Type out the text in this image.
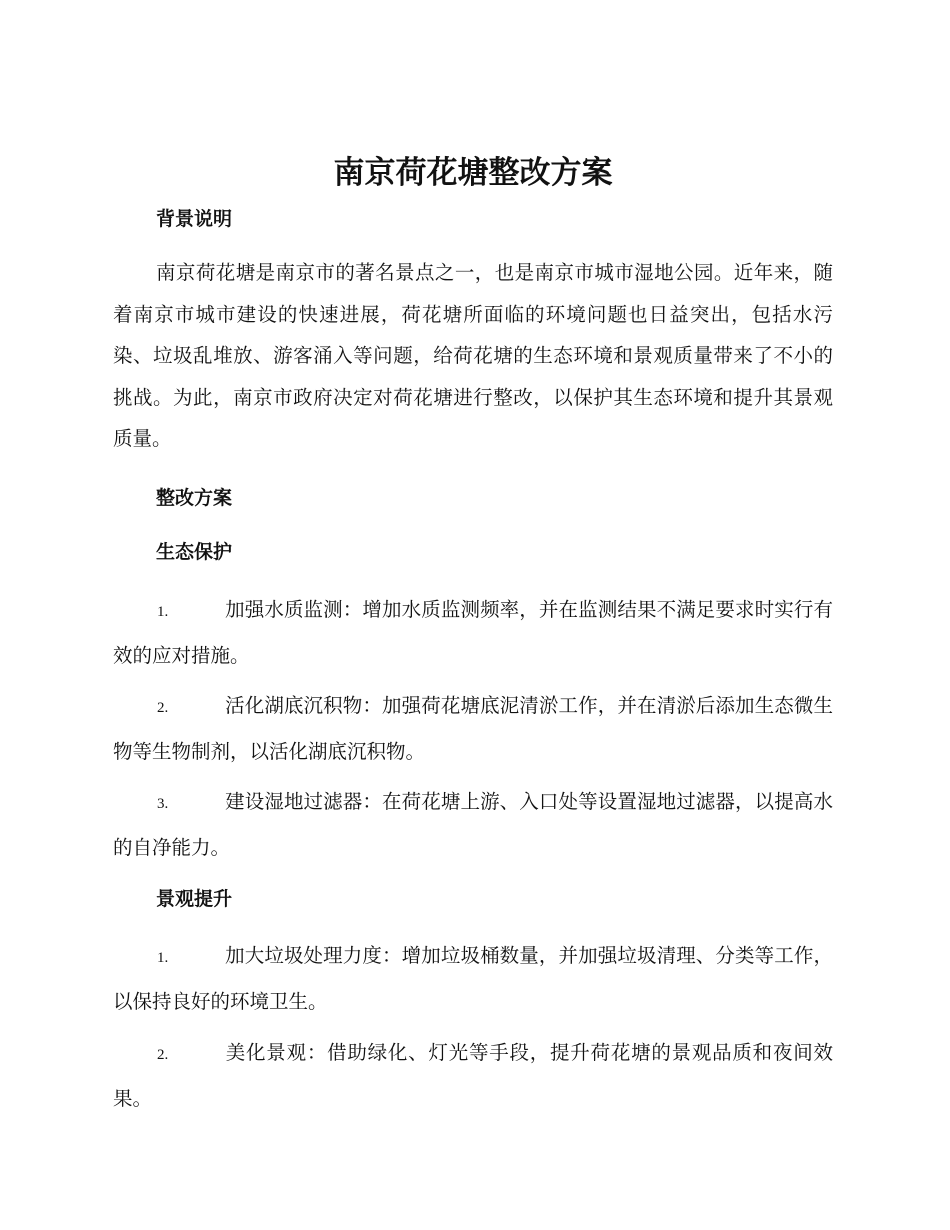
南京荷花塘整改方案
背景说明

南京荷花塘是南京市的著名景点之一，也是南京市城市湿地公园。近年来，随着南京市城市建设的快速进展，荷花塘所面临的环境问题也日益突出，包括水污染、垃圾乱堆放、游客涌入等问题，给荷花塘的生态环境和景观质量带来了不小的挑战。为此，南京市政府决定对荷花塘进行整改，以保护其生态环境和提升其景观质量。

整改方案
生态保护

1.	加强水质监测：增加水质监测频率，并在监测结果不满足要求时实行有效的应对措施。

2.	活化湖底沉积物：加强荷花塘底泥清淤工作，并在清淤后添加生态微生物等生物制剂，以活化湖底沉积物。

3.	建设湿地过滤器：在荷花塘上游、入口处等设置湿地过滤器，以提高水的自净能力。

景观提升

1.	加大垃圾处理力度：增加垃圾桶数量，并加强垃圾清理、分类等工作，以保持良好的环境卫生。

2.	美化景观：借助绿化、灯光等手段，提升荷花塘的景观品质和夜间效果。
